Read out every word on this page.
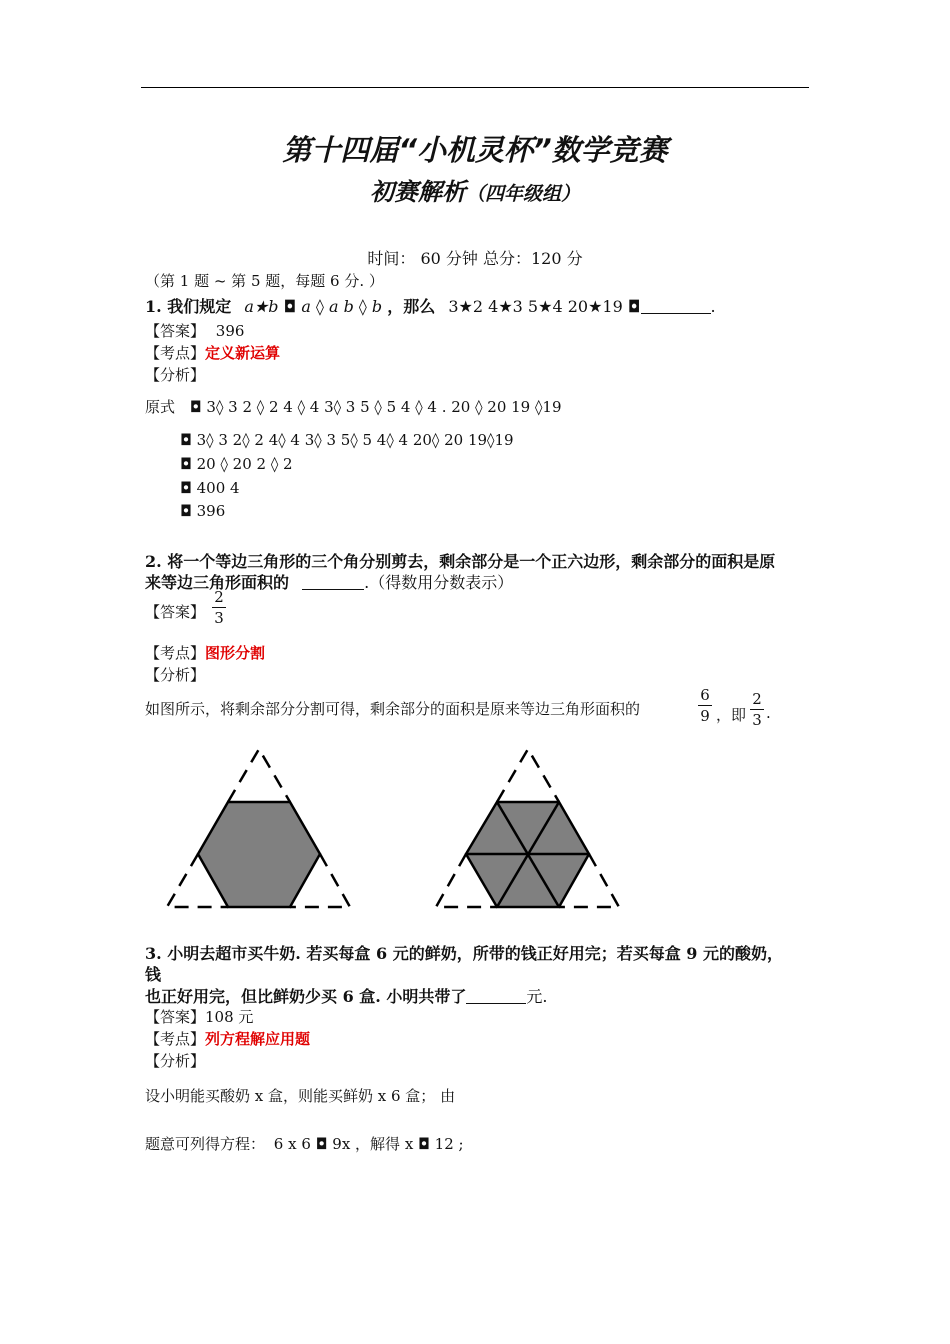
第十四届“小机灵杯”数学竞赛
初赛解析（四年级组）
时间： 60 分钟 总分：120 分
（第 1 题 ~ 第 5 题，每题 6 分. ）
1. 我们规定 a★b ◘ a ◊ a b ◊ b ，那么 3★2 4★3 5★4 20★19 ◘	.
【答案】 396
【考点】定义新运算
【分析】
原式 ◘ 3◊ 3 2 ◊ 2 4 ◊ 4 3◊ 3 5 ◊ 5 4 ◊ 4 . 20 ◊ 20 19 ◊19
◘ 3◊ 3 2◊ 2 4◊ 4 3◊ 3 5◊ 5 4◊ 4 20◊ 20 19◊19
◘ 20 ◊ 20 2 ◊ 2
◘ 400 4
◘ 396
2. 将一个等边三角形的三个角分别剪去，剩余部分是一个正六边形，剩余部分的面积是原
来等边三角形面积的	.（得数用分数表示）
【答案】
2
3
【考点】图形分割
【分析】
如图所示，将剩余部分分割可得，剩余部分的面积是原来等边三角形面积的
6
9 ，即
2
3 .
3. 小明去超市买牛奶. 若买每盒 6 元的鲜奶，所带的钱正好用完；若买每盒 9 元的酸奶，
钱
也正好用完，但比鲜奶少买 6 盒. 小明共带了	元.
【答案】108 元
【考点】列方程解应用题
【分析】
设小明能买酸奶 x 盒，则能买鲜奶 x 6 盒； 由
题意可列得方程： 6 x 6 ◘ 9x ，解得 x ◘ 12 ;
